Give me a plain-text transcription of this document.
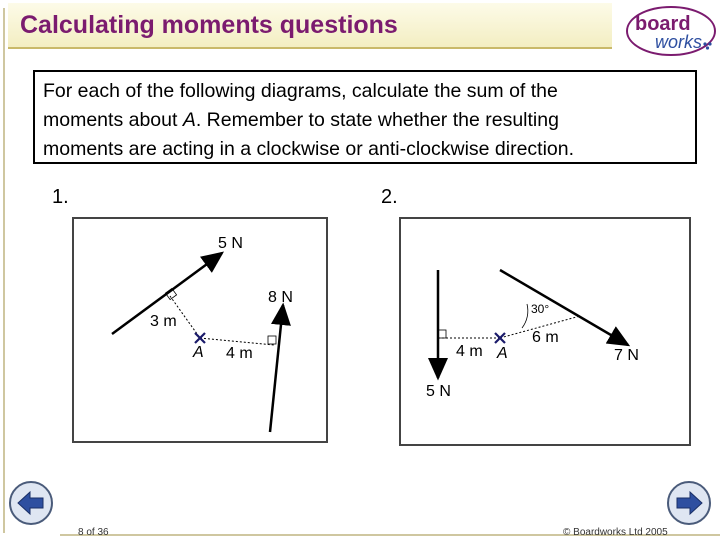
Calculating moments questions	board
works
For each of the following diagrams, calculate the sum of the
moments about A. Remember to state whether the resulting
moments are acting in a clockwise or anti-clockwise direction.
1.	2.
5 N
8 N
3 m
4 m
A
5 N
7 N
4 m
6 m
30°
A
8 of 36	© Boardworks Ltd 2005
